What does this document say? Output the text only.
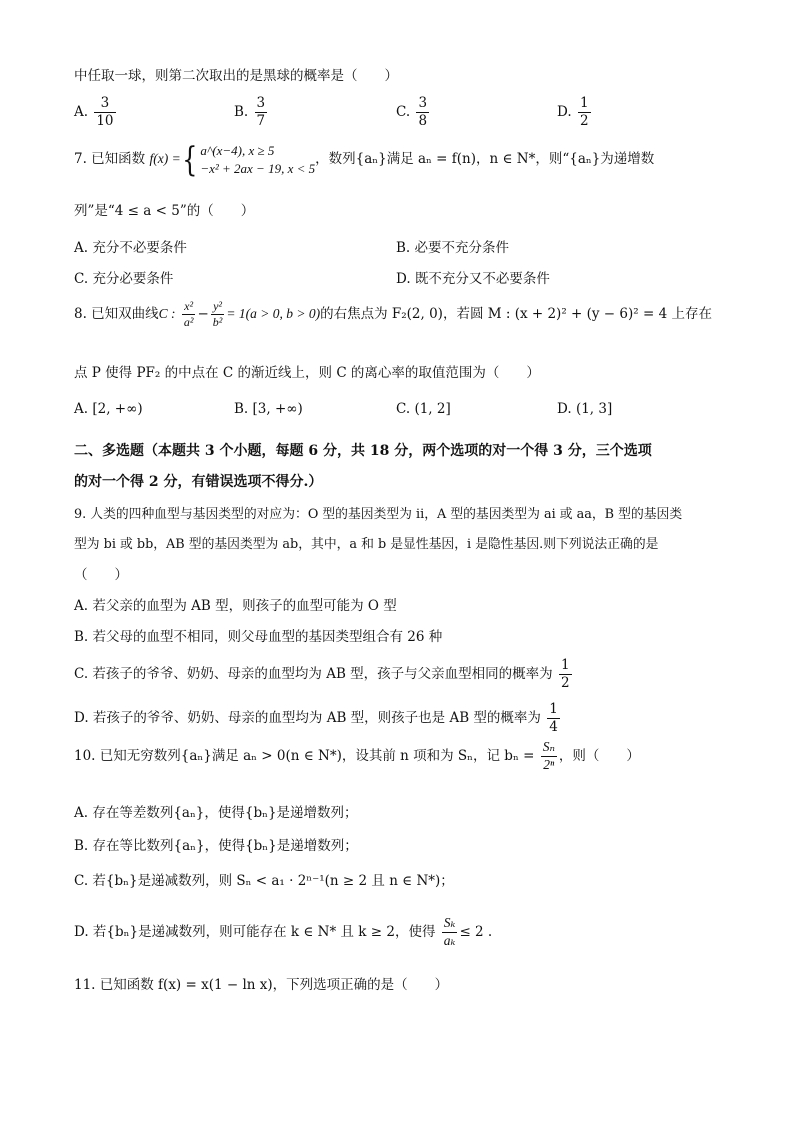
中任取一球，则第二次取出的是黑球的概率是（　　）
A. $\frac{3}{10}$	B. $\frac{3}{7}$	C. $\frac{3}{8}$	D. $\frac{1}{2}$
7. 已知函数 f(x) ={ a^(x−4), x ≥ 5
−x² + 2ax − 19, x < 5
，数列{aₙ}满足 aₙ = f(n)，n ∈ N*，则“{aₙ}为递增数
列”是“4 ≤ a < 5”的（　　）
A. 充分不必要条件	B. 必要不充分条件
C. 充分必要条件	D. 既不充分又不必要条件
8. 已知双曲线C : $\frac{\text{x²}}{\text{a²}} - \frac{\text{y²}}{\text{b²}} = 1(a > 0$, b > 0)的右焦点为 F₂(2, 0)，若圆 M : (x + 2)² + (y − 6)² = 4 上存在
点 P 使得 PF₂ 的中点在 C 的渐近线上，则 C 的离心率的取值范围为（　　）
A. [2, +∞)	B. [3, +∞)	C. (1, 2]	D. (1, 3]
二、多选题（本题共 3 个小题，每题 6 分，共 18 分，两个选项的对一个得 3 分，三个选项
的对一个得 2 分，有错误选项不得分.）
9. 人类的四种血型与基因类型的对应为：O 型的基因类型为 ii，A 型的基因类型为 ai 或 aa，B 型的基因类
型为 bi 或 bb，AB 型的基因类型为 ab，其中，a 和 b 是显性基因，i 是隐性基因.则下列说法正确的是
（　　）
A. 若父亲的血型为 AB 型，则孩子的血型可能为 O 型
B. 若父母的血型不相同，则父母血型的基因类型组合有 26 种
C. 若孩子的爷爷、奶奶、母亲的血型均为 AB 型，孩子与父亲血型相同的概率为 $\frac{1}{2}$
D. 若孩子的爷爷、奶奶、母亲的血型均为 AB 型，则孩子也是 AB 型的概率为 $\frac{1}{4}$
10. 已知无穷数列{aₙ}满足 aₙ > 0(n ∈ N*)，设其前 n 项和为 Sₙ，记 $b_n = \frac{\text{Sₙ}}{\text{2ⁿ}}$ ，则（　　）
A. 存在等差数列{aₙ}，使得{bₙ}是递增数列；
B. 存在等比数列{aₙ}，使得{bₙ}是递增数列；
C. 若{bₙ}是递减数列，则 Sₙ < a₁ · 2ⁿ⁻¹(n ≥ 2 且 n ∈ N*)；
D. 若{bₙ}是递减数列，则可能存在 k ∈ N* 且 k ≥ 2，使得 $\frac{\text{Sₖ}}{\text{aₖ}} \le 2$ .
11. 已知函数 f(x) = x(1 − ln x)，下列选项正确的是（　　）
